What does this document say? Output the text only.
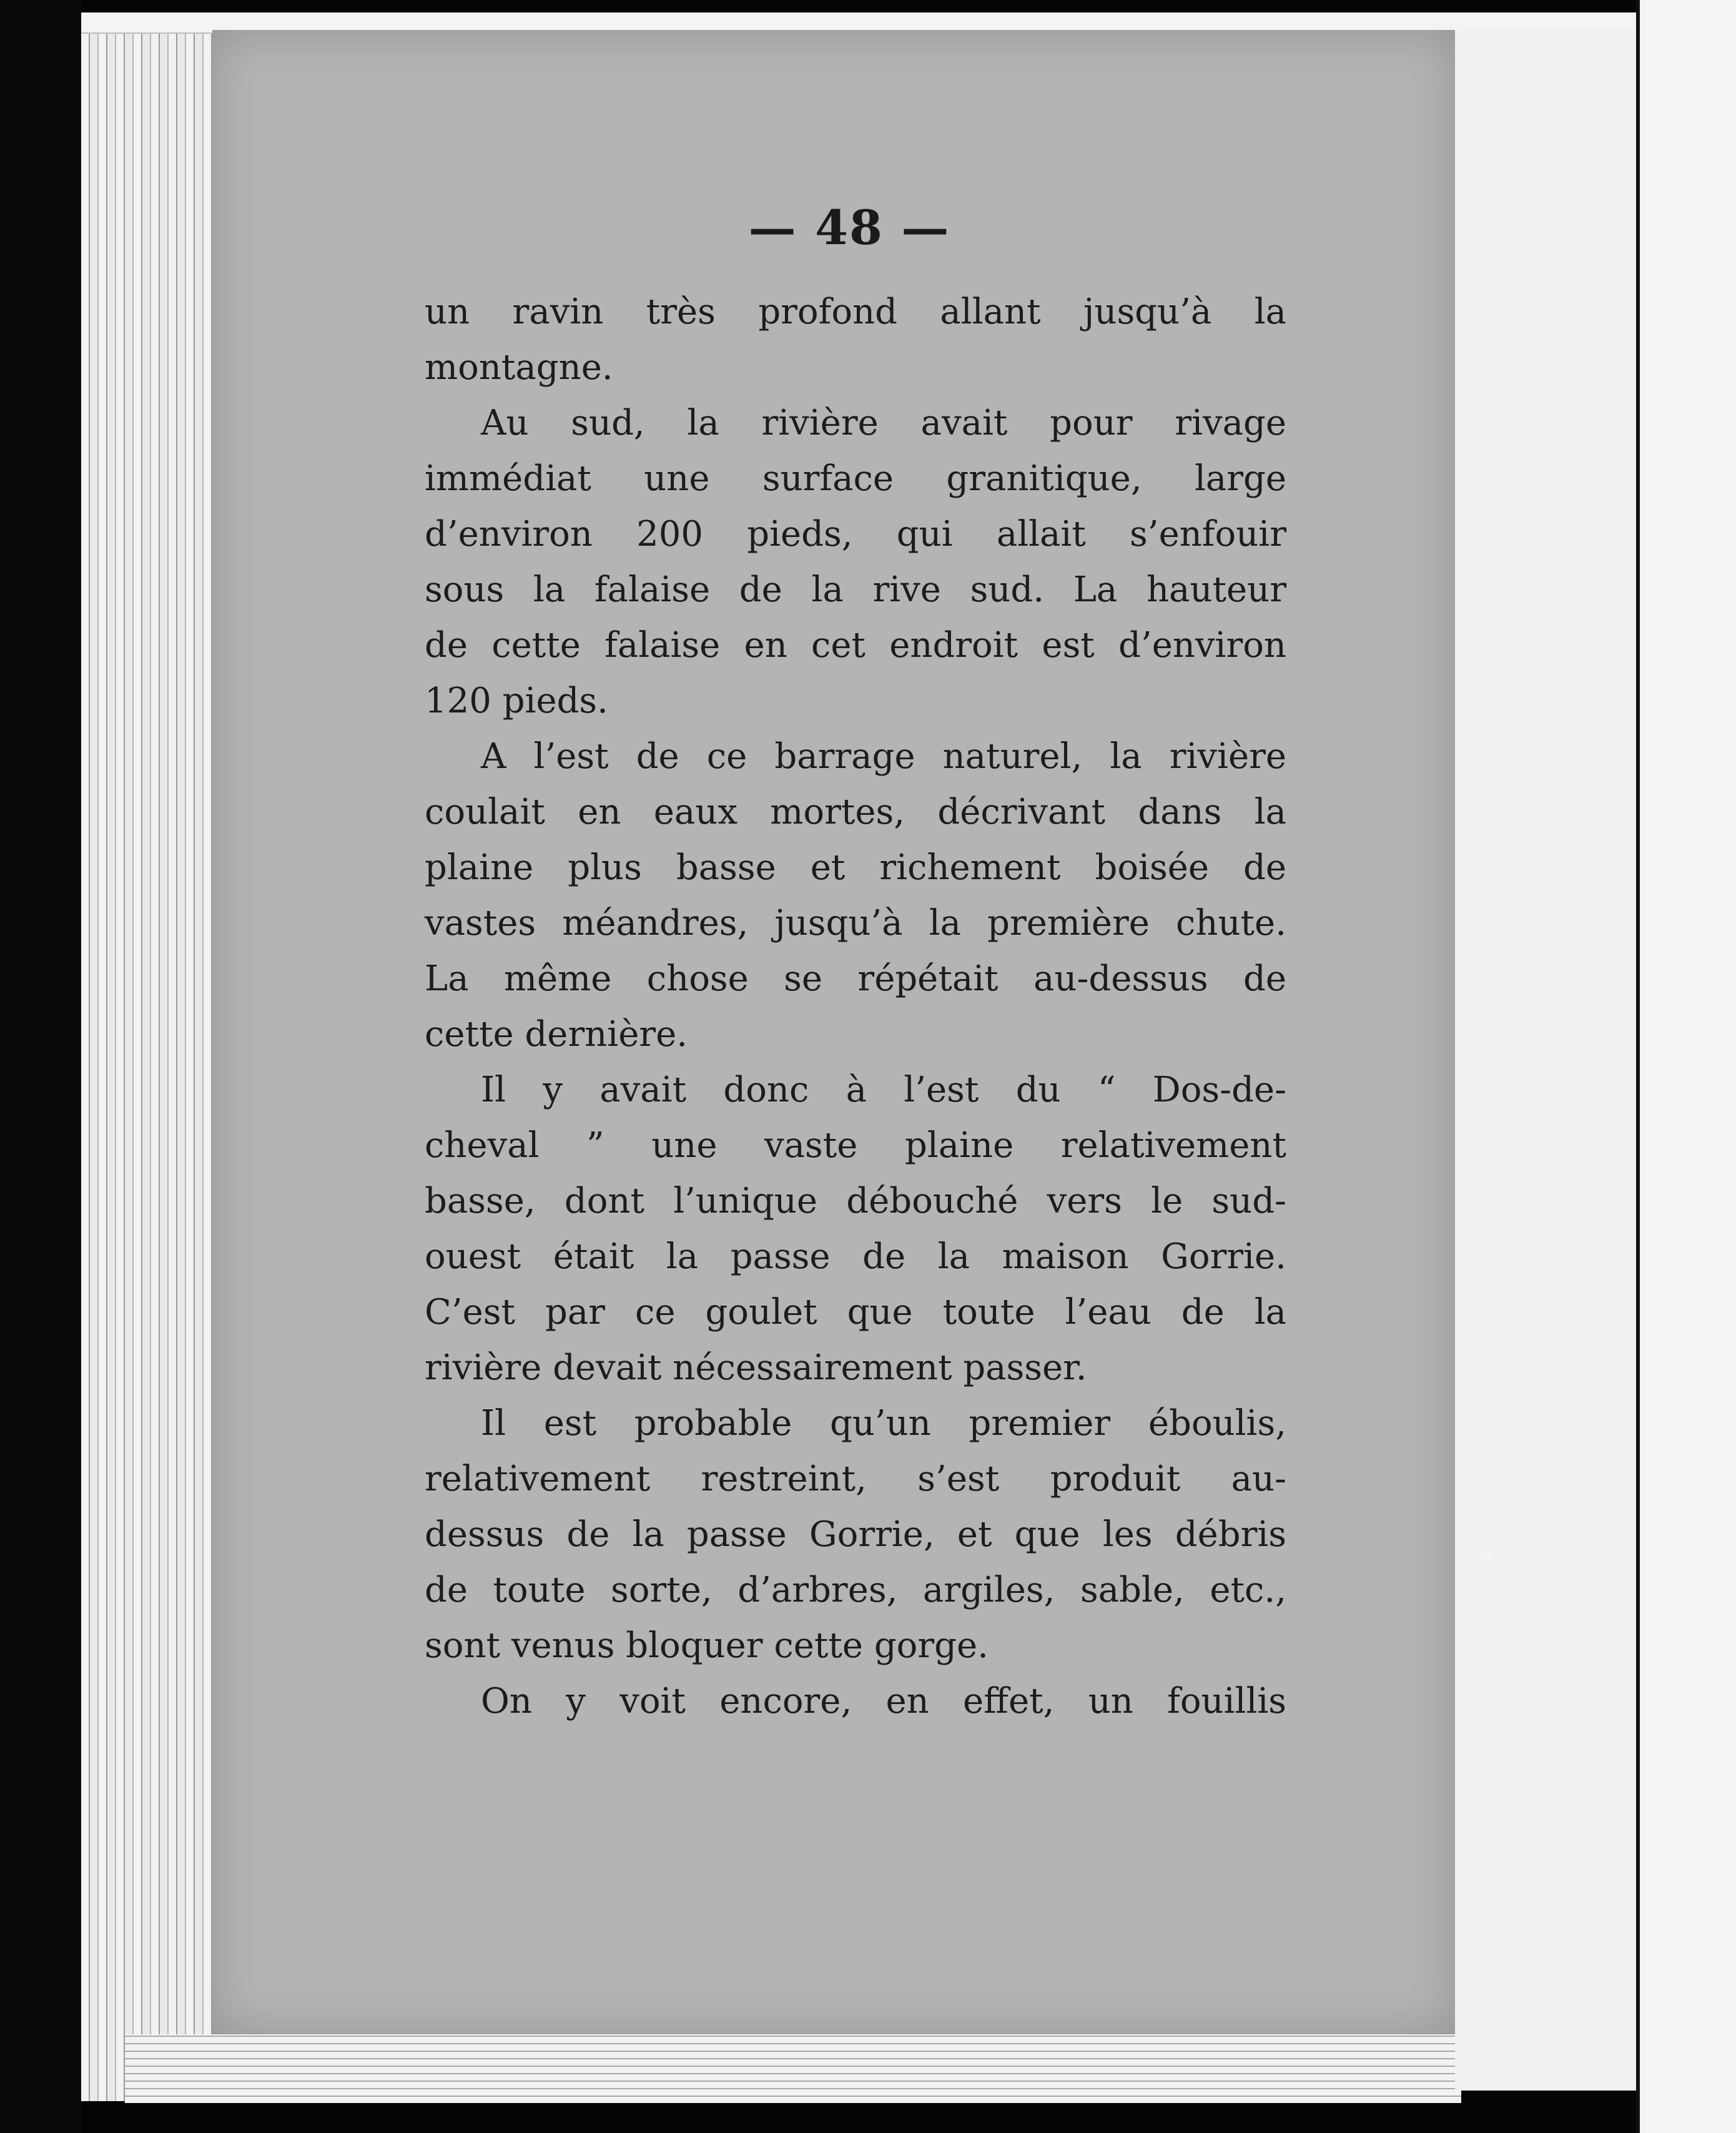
— 48 —
un ravin très profond allant jusqu’à la
montagne.
Au sud, la rivière avait pour rivage
immédiat une surface granitique, large
d’environ 200 pieds, qui allait s’enfouir
sous la falaise de la rive sud. La hauteur
de cette falaise en cet endroit est d’environ
120 pieds.
A l’est de ce barrage naturel, la rivière
coulait en eaux mortes, décrivant dans la
plaine plus basse et richement boisée de
vastes méandres, jusqu’à la première chute.
La même chose se répétait au-dessus de
cette dernière.
Il y avait donc à l’est du “ Dos-de-
cheval ” une vaste plaine relativement
basse, dont l’unique débouché vers le sud-
ouest était la passe de la maison Gorrie.
C’est par ce goulet que toute l’eau de la
rivière devait nécessairement passer.
Il est probable qu’un premier éboulis,
relativement restreint, s’est produit au-
dessus de la passe Gorrie, et que les débris
de toute sorte, d’arbres, argiles, sable, etc.,
sont venus bloquer cette gorge.
On y voit encore, en effet, un fouillis
